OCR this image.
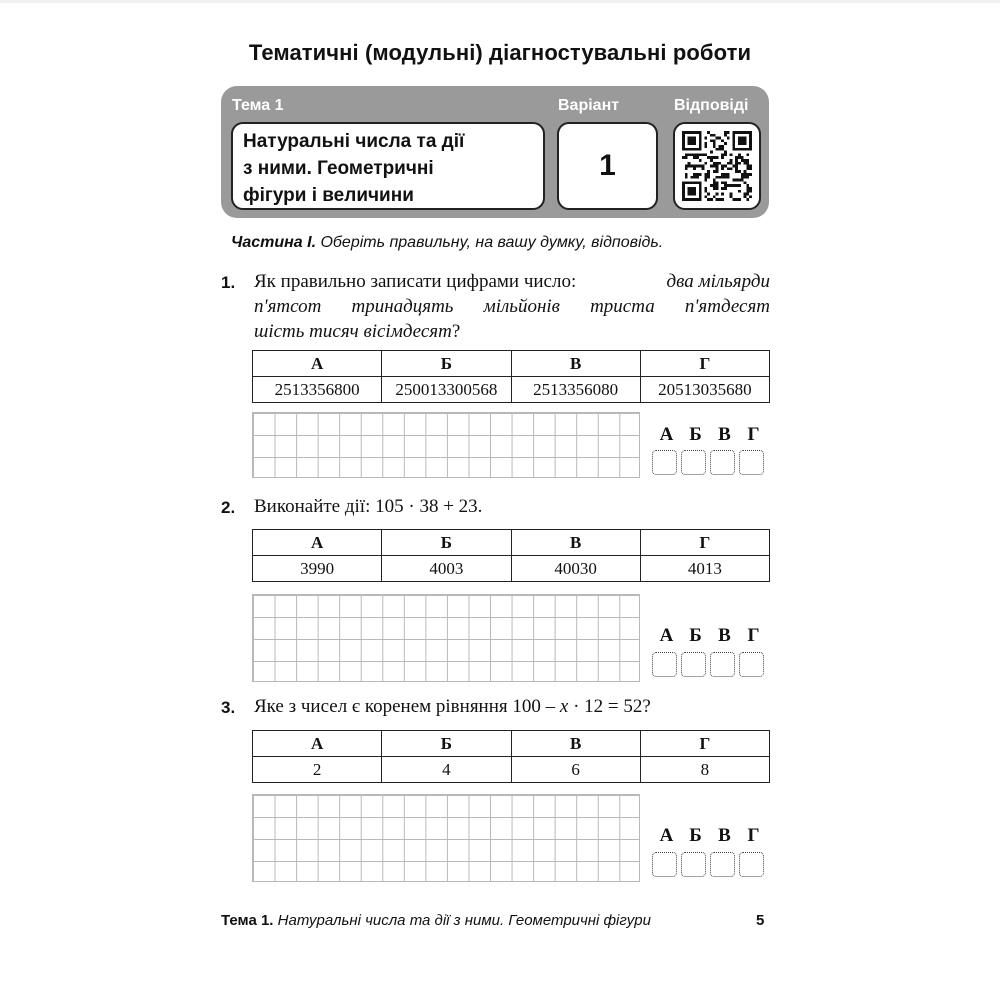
Тематичні (модульні) діагностувальні роботи
Тема 1	Варіант	Відповіді
Натуральні числа та дії
з ними. Геометричні
фігури і величини
1
Частина І. Оберіть правильну, на вашу думку, відповідь.
1. Як правильно записати цифрами число:	два мільярди
п'ятсот тринадцять мільйонів триста п'ятдесят
шість тисяч вісімдесят?
А	Б	В	Г
2513356800	250013300568	2513356080	20513035680
А Б В Г
2. Виконайте дії: 105 · 38 + 23.
А	Б	В	Г
3990	4003	40030	4013
А Б В Г
3. Яке з чисел є коренем рівняння 100 – x · 12 = 52?
А	Б	В	Г
2	4	6	8
А Б В Г
Тема 1. Натуральні числа та дії з ними. Геометричні фігури	5
